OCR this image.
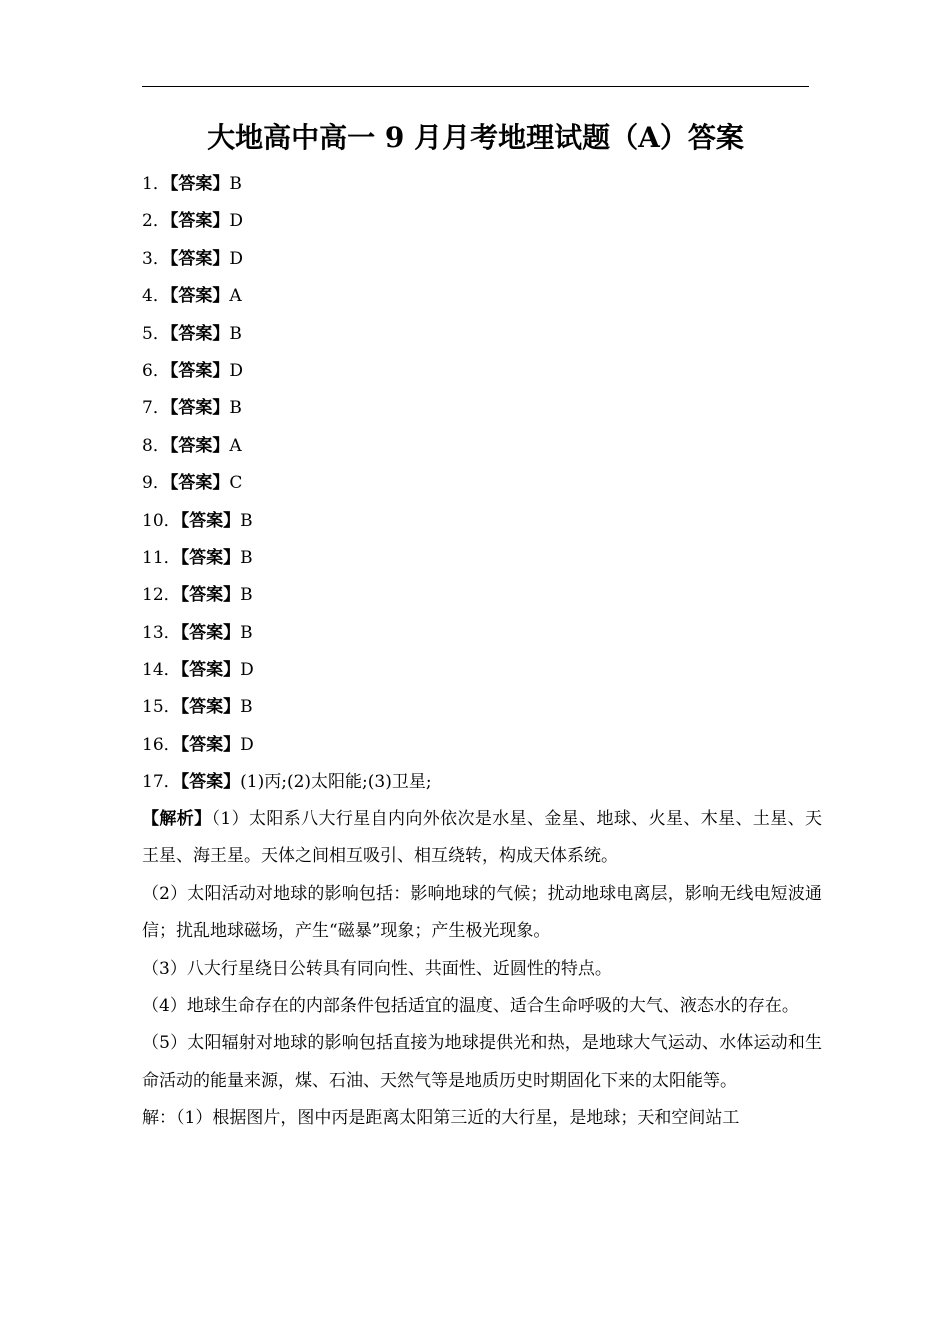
大地高中高一 9 月月考地理试题（A）答案
1．【答案】B
2．【答案】D
3．【答案】D
4．【答案】A
5．【答案】B
6．【答案】D
7．【答案】B
8．【答案】A
9．【答案】C
10．【答案】B
11．【答案】B
12．【答案】B
13．【答案】B
14．【答案】D
15．【答案】B
16．【答案】D
17．【答案】(1)丙;(2)太阳能;(3)卫星;
【解析】（1）太阳系八大行星自内向外依次是水星、金星、地球、火星、木星、土星、天王星、海王星。天体之间相互吸引、相互绕转，构成天体系统。
（2）太阳活动对地球的影响包括：影响地球的气候；扰动地球电离层，影响无线电短波通信；扰乱地球磁场，产生“磁暴”现象；产生极光现象。
（3）八大行星绕日公转具有同向性、共面性、近圆性的特点。
（4）地球生命存在的内部条件包括适宜的温度、适合生命呼吸的大气、液态水的存在。
（5）太阳辐射对地球的影响包括直接为地球提供光和热，是地球大气运动、水体运动和生命活动的能量来源，煤、石油、天然气等是地质历史时期固化下来的太阳能等。
解：（1）根据图片，图中丙是距离太阳第三近的大行星，是地球；天和空间站工
